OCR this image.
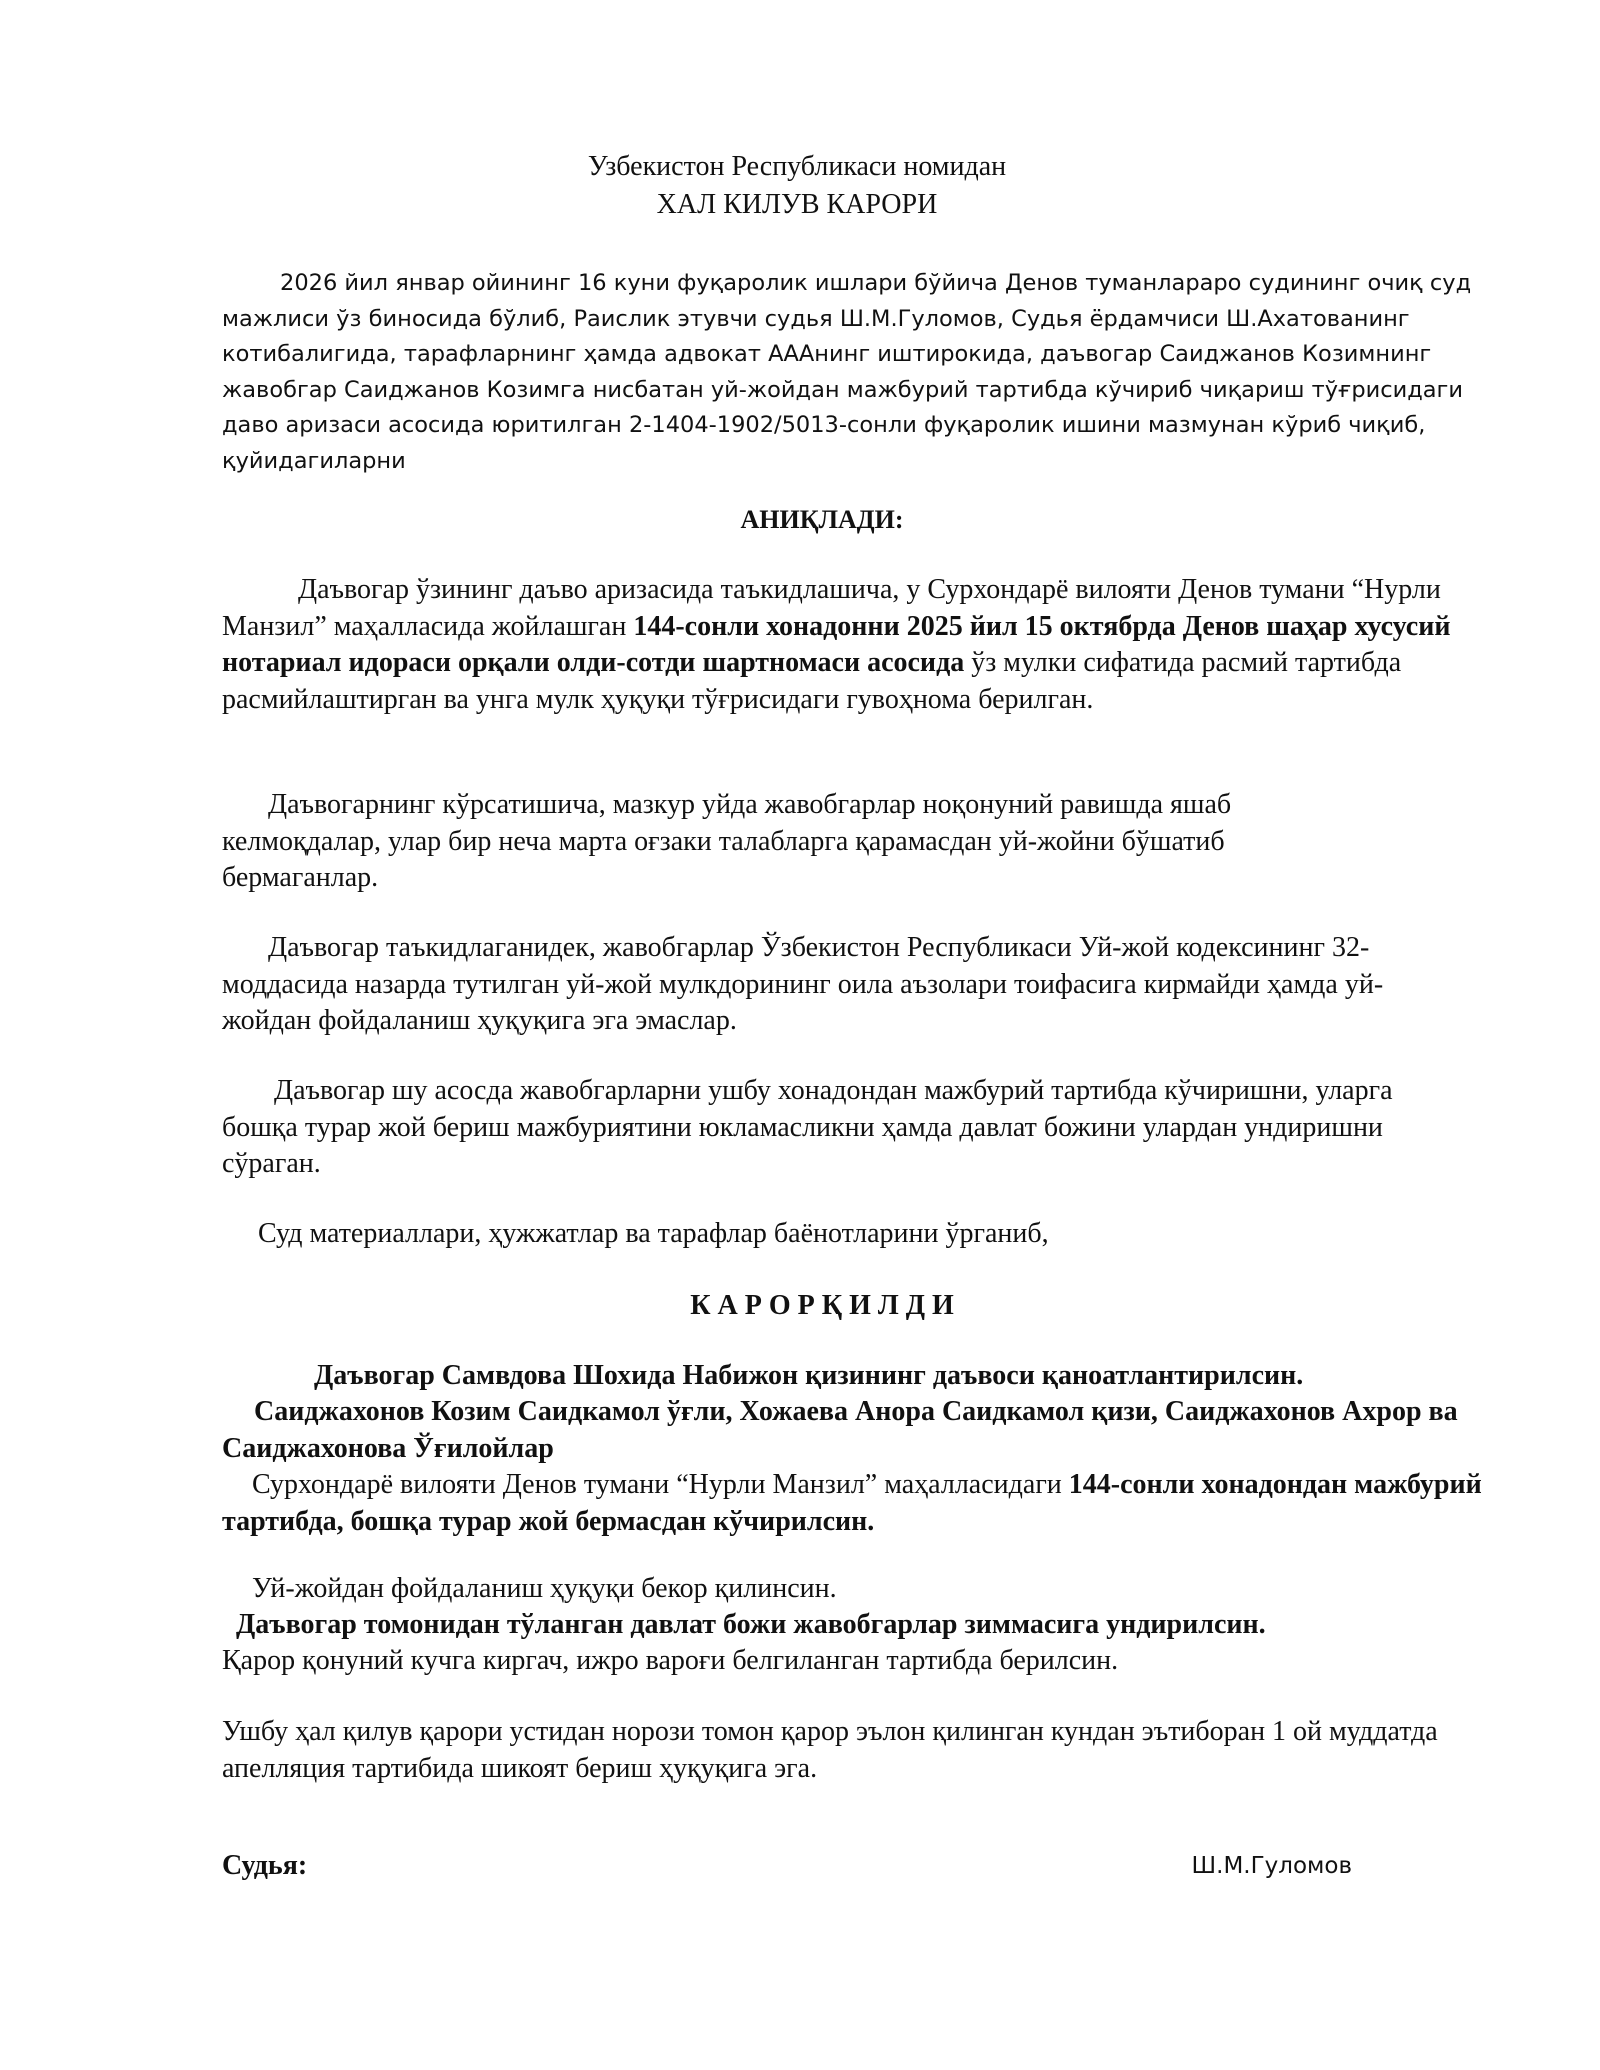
Узбекистон Республикаси номидан

ХАЛ КИЛУВ КАРОРИ

2026 йил январ ойининг 16 куни фуқаролик ишлари бўйича Денов туманлараро судининг очиқ суд мажлиси ўз биносида бўлиб, Раислик этувчи судья Ш.М.Гуломов, Судья ёрдамчиси Ш.Ахатованинг котибалигида, тарафларнинг ҳамда адвокат АААнинг иштирокида, даъвогар Саиджанов Козимнинг жавобгар Саиджанов Козимга нисбатан уй-жойдан мажбурий тартибда кўчириб чиқариш тўғрисидаги даво аризаси асосида юритилган 2-1404-1902/5013-сонли фуқаролик ишини мазмунан кўриб чиқиб, қуйидагиларни

АНИҚЛАДИ:

Даъвогар ўзининг даъво аризасида таъкидлашича, у Сурхондарё вилояти Денов тумани “Нурли Манзил” маҳалласида жойлашган 144-сонли хонадонни 2025 йил 15 октябрда Денов шаҳар хусусий нотариал идораси орқали олди-сотди шартномаси асосида ўз мулки сифатида расмий тартибда расмийлаштирган ва унга мулк ҳуқуқи тўғрисидаги гувоҳнома берилган.

Даъвогарнинг кўрсатишича, мазкур уйда жавобгарлар ноқонуний равишда яшаб келмоқдалар, улар бир неча марта оғзаки талабларга қарамасдан уй-жойни бўшатиб бермаганлар.

Даъвогар таъкидлаганидек, жавобгарлар Ўзбекистон Республикаси Уй-жой кодексининг 32-моддасида назарда тутилган уй-жой мулкдорининг оила аъзолари тоифасига кирмайди ҳамда уй-жойдан фойдаланиш ҳуқуқига эга эмаслар.

Даъвогар шу асосда жавобгарларни ушбу хонадондан мажбурий тартибда кўчиришни, уларга бошқа турар жой бериш мажбуриятини юкламасликни ҳамда давлат божини улардан ундиришни сўраган.

Суд материаллари, ҳужжатлар ва тарафлар баёнотларини ўрганиб,

К А Р О Р Қ И Л Д И

Даъвогар Самвдова Шохида Набижон қизининг даъвоси қаноатлантирилсин.

Саиджахонов Козим Саидкамол ўғли, Хожаева Анора Саидкамол қизи, Саиджахонов Ахрор ва Саиджахонова Ўғилойлар

Сурхондарё вилояти Денов тумани “Нурли Манзил” маҳалласидаги 144-сонли хонадондан мажбурий тартибда, бошқа турар жой бермасдан кўчирилсин.

Уй-жойдан фойдаланиш ҳуқуқи бекор қилинсин.

Даъвогар томонидан тўланган давлат божи жавобгарлар зиммасига ундирилсин.

Қарор қонуний кучга киргач, ижро вароғи белгиланган тартибда берилсин.

Ушбу ҳал қилув қарори устидан норози томон қарор эълон қилинган кундан эътиборан 1 ой муддатда апелляция тартибида шикоят бериш ҳуқуқига эга.

Судья:	Ш.М.Гуломов
